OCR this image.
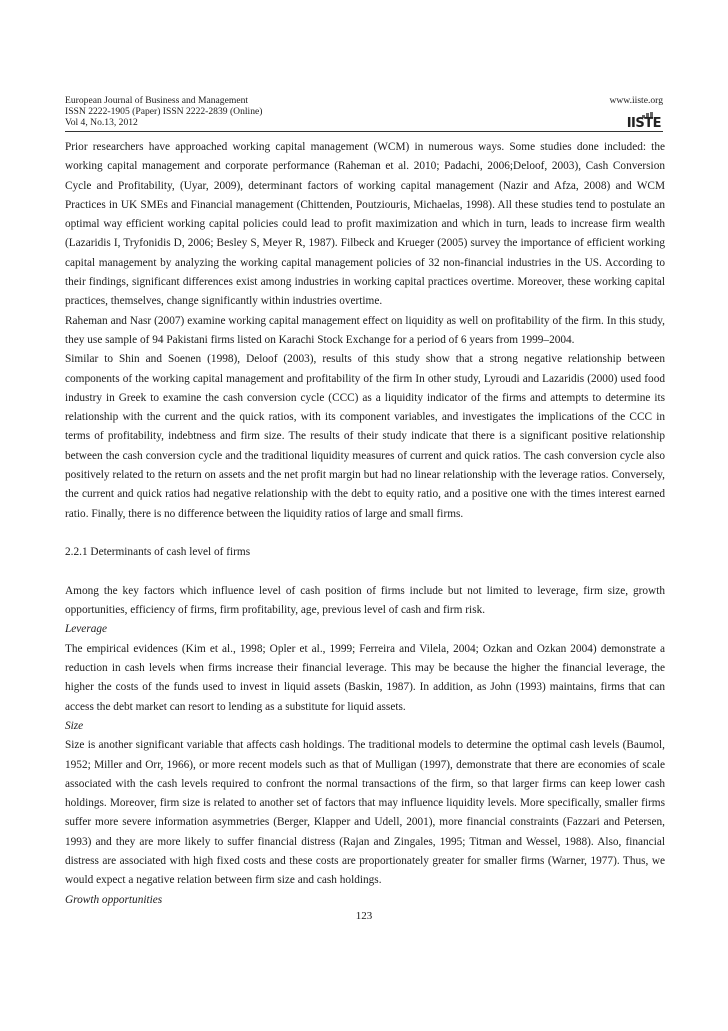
European Journal of Business and Management
ISSN 2222-1905 (Paper) ISSN 2222-2839 (Online)
Vol 4, No.13, 2012
www.iiste.org
IISTE
Prior researchers have approached working capital management (WCM) in numerous ways. Some studies done included: the working capital management and corporate performance (Raheman et al. 2010; Padachi, 2006;Deloof, 2003), Cash Conversion Cycle and Profitability, (Uyar, 2009), determinant factors of working capital management (Nazir and Afza, 2008) and WCM Practices in UK SMEs and Financial management (Chittenden, Poutziouris, Michaelas, 1998). All these studies tend to postulate an optimal way efficient working capital policies could lead to profit maximization and which in turn, leads to increase firm wealth (Lazaridis I, Tryfonidis D, 2006; Besley S, Meyer R, 1987). Filbeck and Krueger (2005) survey the importance of efficient working capital management by analyzing the working capital management policies of 32 non-financial industries in the US. According to their findings, significant differences exist among industries in working capital practices overtime. Moreover, these working capital practices, themselves, change significantly within industries overtime.
Raheman and Nasr (2007) examine working capital management effect on liquidity as well on profitability of the firm. In this study, they use sample of 94 Pakistani firms listed on Karachi Stock Exchange for a period of 6 years from 1999–2004.
Similar to Shin and Soenen (1998), Deloof (2003), results of this study show that a strong negative relationship between components of the working capital management and profitability of the firm In other study, Lyroudi and Lazaridis (2000) used food industry in Greek to examine the cash conversion cycle (CCC) as a liquidity indicator of the firms and attempts to determine its relationship with the current and the quick ratios, with its component variables, and investigates the implications of the CCC in terms of profitability, indebtness and firm size. The results of their study indicate that there is a significant positive relationship between the cash conversion cycle and the traditional liquidity measures of current and quick ratios. The cash conversion cycle also positively related to the return on assets and the net profit margin but had no linear relationship with the leverage ratios. Conversely, the current and quick ratios had negative relationship with the debt to equity ratio, and a positive one with the times interest earned ratio. Finally, there is no difference between the liquidity ratios of large and small firms.
2.2.1 Determinants of cash level of firms
Among the key factors which influence level of cash position of firms include but not limited to leverage, firm size, growth opportunities, efficiency of firms, firm profitability, age, previous level of cash and firm risk.
Leverage
The empirical evidences (Kim et al., 1998; Opler et al., 1999; Ferreira and Vilela, 2004; Ozkan and Ozkan 2004) demonstrate a reduction in cash levels when firms increase their financial leverage. This may be because the higher the financial leverage, the higher the costs of the funds used to invest in liquid assets (Baskin, 1987). In addition, as John (1993) maintains, firms that can access the debt market can resort to lending as a substitute for liquid assets.
Size
Size is another significant variable that affects cash holdings. The traditional models to determine the optimal cash levels (Baumol, 1952; Miller and Orr, 1966), or more recent models such as that of Mulligan (1997), demonstrate that there are economies of scale associated with the cash levels required to confront the normal transactions of the firm, so that larger firms can keep lower cash holdings. Moreover, firm size is related to another set of factors that may influence liquidity levels. More specifically, smaller firms suffer more severe information asymmetries (Berger, Klapper and Udell, 2001), more financial constraints (Fazzari and Petersen, 1993) and they are more likely to suffer financial distress (Rajan and Zingales, 1995; Titman and Wessel, 1988). Also, financial distress are associated with high fixed costs and these costs are proportionately greater for smaller firms (Warner, 1977). Thus, we would expect a negative relation between firm size and cash holdings.
Growth opportunities
123
